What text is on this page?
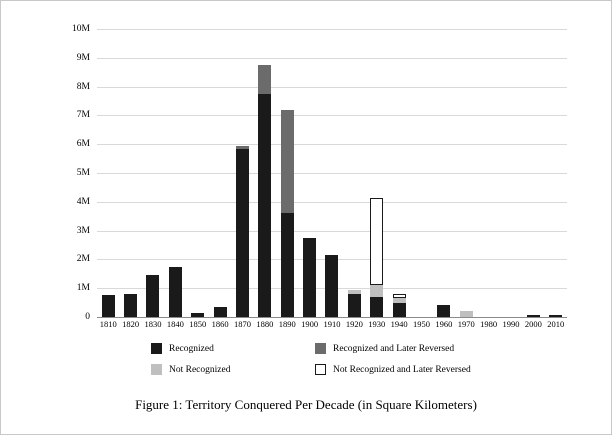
10M
9M
8M
7M
6M
5M
4M
3M
2M
1M
0
1810 1820 1830 1840 1850 1860 1870 1880 1890 1900 1910 1920 1930 1940 1950 1960 1970 1980 1990 2000 2010
Recognized	Recognized and Later Reversed
Not Recognized	Not Recognized and Later Reversed
Figure 1: Territory Conquered Per Decade (in Square Kilometers)
